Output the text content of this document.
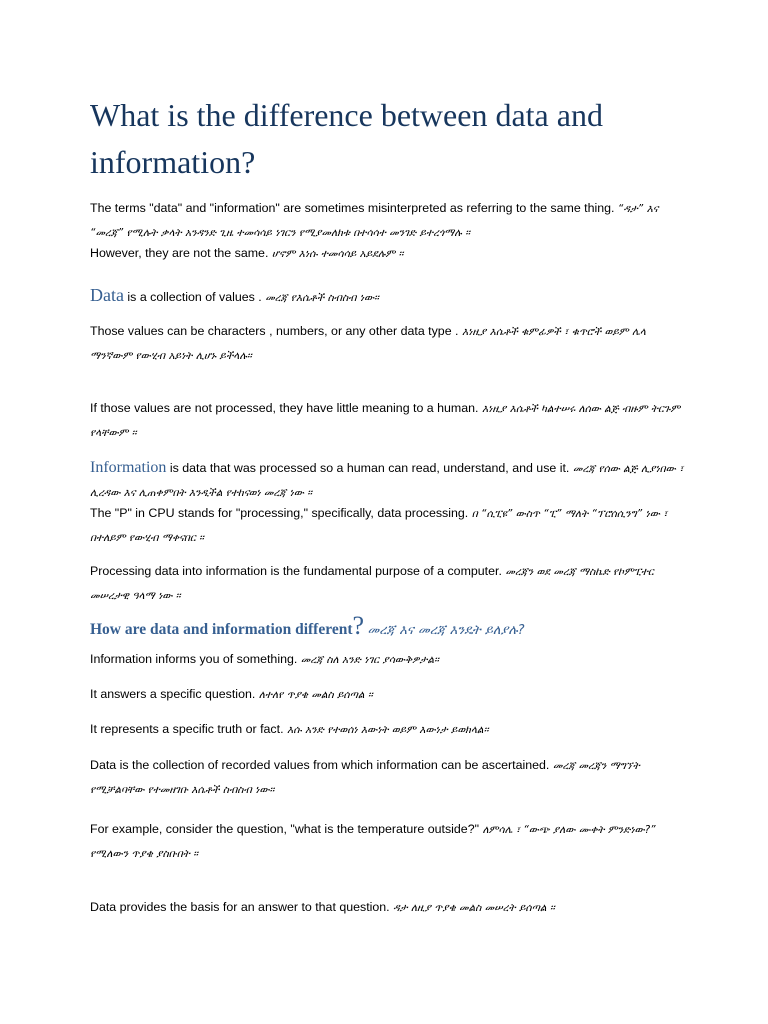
What is the difference between data and information?

The terms "data" and "information" are sometimes misinterpreted as referring to the same thing. “ዳታ” እና “መረጃ” የሚሉት ቃላት አንዳንድ ጊዜ ተመሳሳይ ነገርን የሚያመለክቱ በተሳሳተ መንገድ ይተረጎማሉ ።

However, they are not the same. ሆኖም እነሱ ተመሳሳይ አይደሉም ።

Data is a collection of values . መረጃ የእሴቶች ስብስብ ነው።

Those values can be characters , numbers, or any other data type . እነዚያ እሴቶች ቁምፊዎች ፣ ቁጥሮች ወይም ሌላ ማንኛውም የውሂብ አይነት ሊሆኑ ይችላሉ።

If those values are not processed, they have little meaning to a human. እነዚያ እሴቶች ካልተሠሩ ለሰው ልጅ ብዙም ትርጉም የላቸውም ።

Information is data that was processed so a human can read, understand, and use it. መረጃ የሰው ልጅ ሊያነበው ፣ ሊረዳው እና ሊጠቀምበት እንዲችል የተከናወነ መረጃ ነው ።

The "P" in CPU stands for "processing," specifically, data processing. በ “ሲፒዩ” ውስጥ “ፒ” ማለት “ፕሮሰሲንግ” ነው ፣ በተለይም የውሂብ ማቀናበር ።

Processing data into information is the fundamental purpose of a computer. መረጃን ወደ መረጃ ማስኬድ የኮምፒተር መሠረታዊ ዓላማ ነው ።

How are data and information different? መረጃ እና መረጃ እንዴት ይለያሉ?

Information informs you of something. መረጃ ስለ አንድ ነገር ያሳውቅዎታል።

It answers a specific question. ለተለየ ጥያቄ መልስ ይሰጣል ።

It represents a specific truth or fact. እሱ አንድ የተወሰነ እውነት ወይም እውነታ ይወክላል።

Data is the collection of recorded values from which information can be ascertained. መረጃ መረጃን ማግኘት የሚቻልባቸው የተመዘገቡ እሴቶች ስብስብ ነው።

For example, consider the question, "what is the temperature outside?" ለምሳሌ ፣ “ውጭ ያለው ሙቀት ምንድነው?” የሚለውን ጥያቄ ያስቡበት ።

Data provides the basis for an answer to that question. ዳታ ለዚያ ጥያቄ መልስ መሠረት ይሰጣል ።
